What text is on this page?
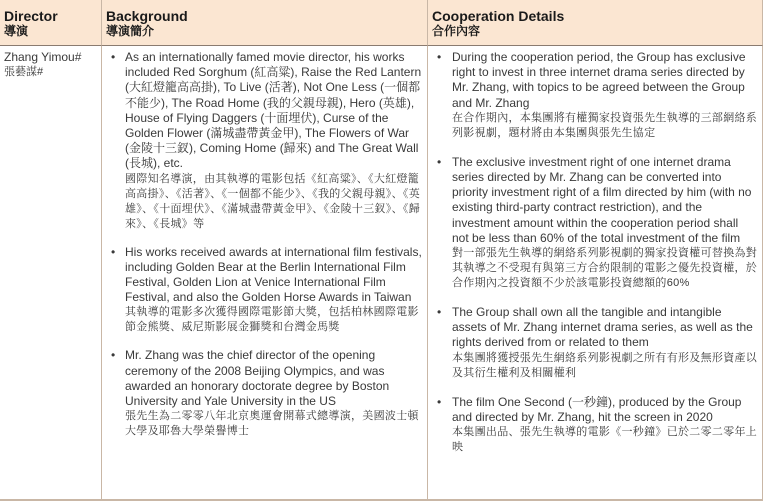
Director
導演
Background
導演簡介
Cooperation Details
合作內容
Zhang Yimou#
張藝謀#
• As an internationally famed movie director, his works included Red Sorghum (紅高粱), Raise the Red Lantern (大紅燈籠高高掛), To Live (活著), Not One Less (一個都不能少), The Road Home (我的父親母親), Hero (英雄), House of Flying Daggers (十面埋伏), Curse of the Golden Flower (滿城盡帶黃金甲), The Flowers of War (金陵十三釵), Coming Home (歸來) and The Great Wall (長城), etc.
國際知名導演，由其執導的電影包括《紅高粱》、《大紅燈籠高高掛》、《活著》、《一個都不能少》、《我的父親母親》、《英雄》、《十面埋伏》、《滿城盡帶黃金甲》、《金陵十三釵》、《歸來》、《長城》等
• His works received awards at international film festivals, including Golden Bear at the Berlin International Film Festival, Golden Lion at Venice International Film Festival, and also the Golden Horse Awards in Taiwan
其執導的電影多次獲得國際電影節大獎，包括柏林國際電影節金熊獎、威尼斯影展金獅獎和台灣金馬獎
• Mr. Zhang was the chief director of the opening ceremony of the 2008 Beijing Olympics, and was awarded an honorary doctorate degree by Boston University and Yale University in the US
張先生為二零零八年北京奧運會開幕式總導演，美國波士頓大學及耶魯大學榮譽博士
• During the cooperation period, the Group has exclusive right to invest in three internet drama series directed by Mr. Zhang, with topics to be agreed between the Group and Mr. Zhang
在合作期內，本集團將有權獨家投資張先生執導的三部網絡系列影視劇，題材將由本集團與張先生協定
• The exclusive investment right of one internet drama series directed by Mr. Zhang can be converted into priority investment right of a film directed by him (with no existing third-party contract restriction), and the investment amount within the cooperation period shall not be less than 60% of the total investment of the film
對一部張先生執導的網絡系列影視劇的獨家投資權可替換為對其執導之不受現有與第三方合約限制的電影之優先投資權，於合作期內之投資額不少於該電影投資總額的60%
• The Group shall own all the tangible and intangible assets of Mr. Zhang internet drama series, as well as the rights derived from or related to them
本集團將獲授張先生網絡系列影視劇之所有有形及無形資產以及其衍生權利及相關權利
• The film One Second (一秒鐘), produced by the Group and directed by Mr. Zhang, hit the screen in 2020
本集團出品、張先生執導的電影《一秒鐘》已於二零二零年上映
